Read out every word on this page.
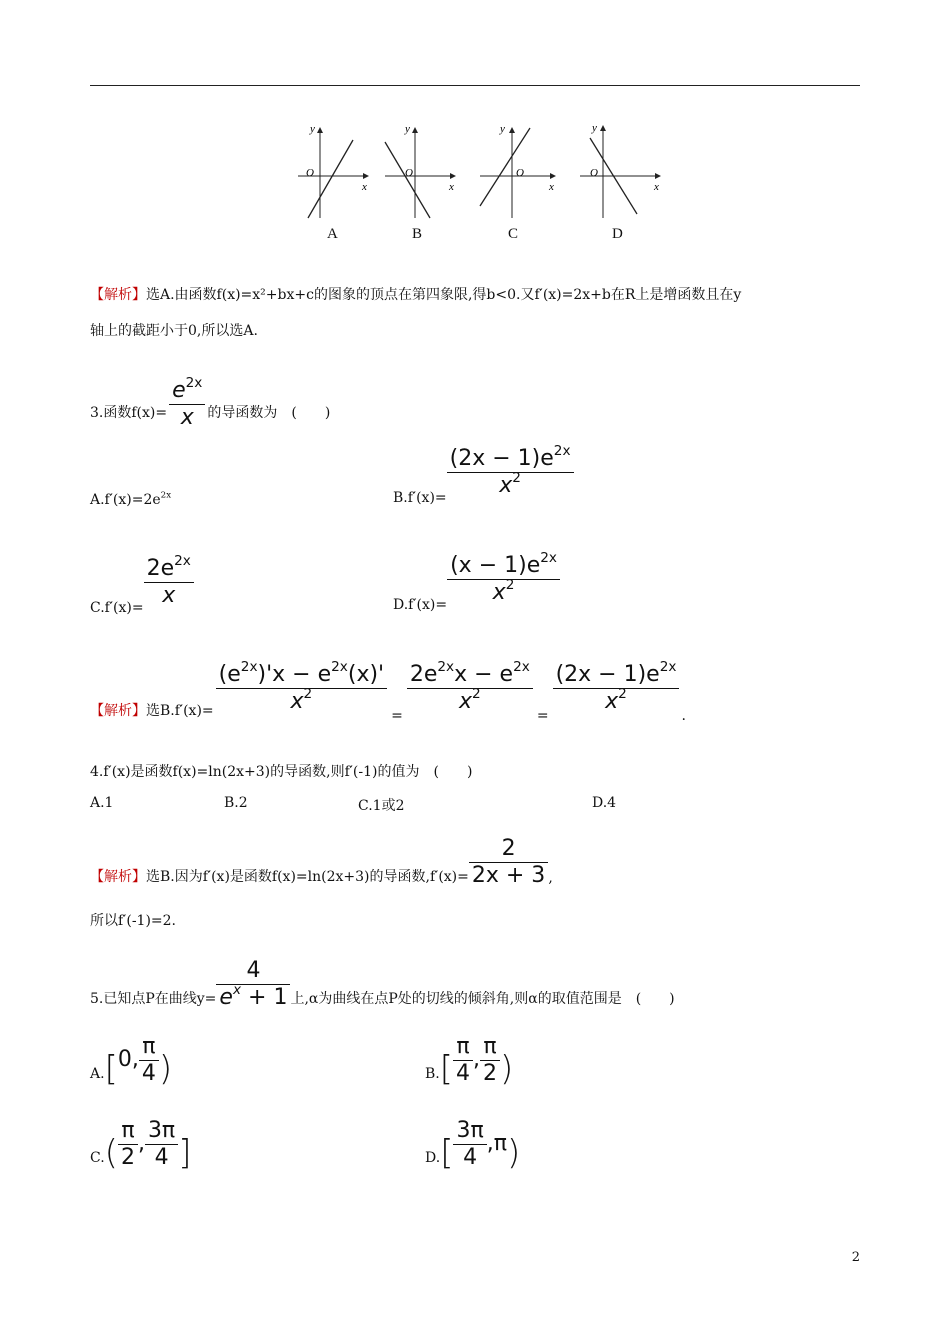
y
x
O
y
x
O
y
x
O
y
x
O
A	B	C	D
【解析】选A.由函数f(x)=x²+bx+c的图象的顶点在第四象限,得b<0.又f′(x)=2x+b在R上是增函数且在y
轴上的截距小于0,所以选A.
3.函数$f(x)= \frac{e^{2x}}{x}$ 的导函数为　(　　)
$A.f'(x)=2e^{2x}$	$B.f'(x)= \frac{(2x - 1)e^{2x}}{x^2}$
$C.f'(x)= \frac{2e^{2x}}{x}$	$D.f'(x)= \frac{(x - 1)e^{2x}}{x^2}$
【解析】选$B.f'(x)= \frac{(e^{2x})'x - e^{2x}(x)'}{x^2}$
=
$\frac{2e^{2x}x - e^{2x}}{x^2}$
=
$\frac{(2x - 1)e^{2x}}{x^2}$
.
4.f′(x)是函数f(x)=ln(2x+3)的导函数,则f′(-1)的值为　(　　)
A.1	B.2	C.1或2	D.4
【解析】选B.因为f′(x)是函数f(x)=ln(2x+3)的导函数$,f'(x)= \frac{2}{2x + 3}$ ,
所以f′(-1)=2.
5.已知点P在曲线$y= \frac{4}{e^x + 1}$ 上,α为曲线在点P处的切线的倾斜角,则α的取值范围是　(　　)
A. [ 0, $\frac{\pi}{4}$ )	B. [ $\frac{\pi}{4}$ , $\frac{\pi}{2}$ )
C. ( $\frac{\pi}{2}$ , $\frac{3\pi}{4}$ ]	D. [ $\frac{3\pi}{4} ,\pi$ )
2
